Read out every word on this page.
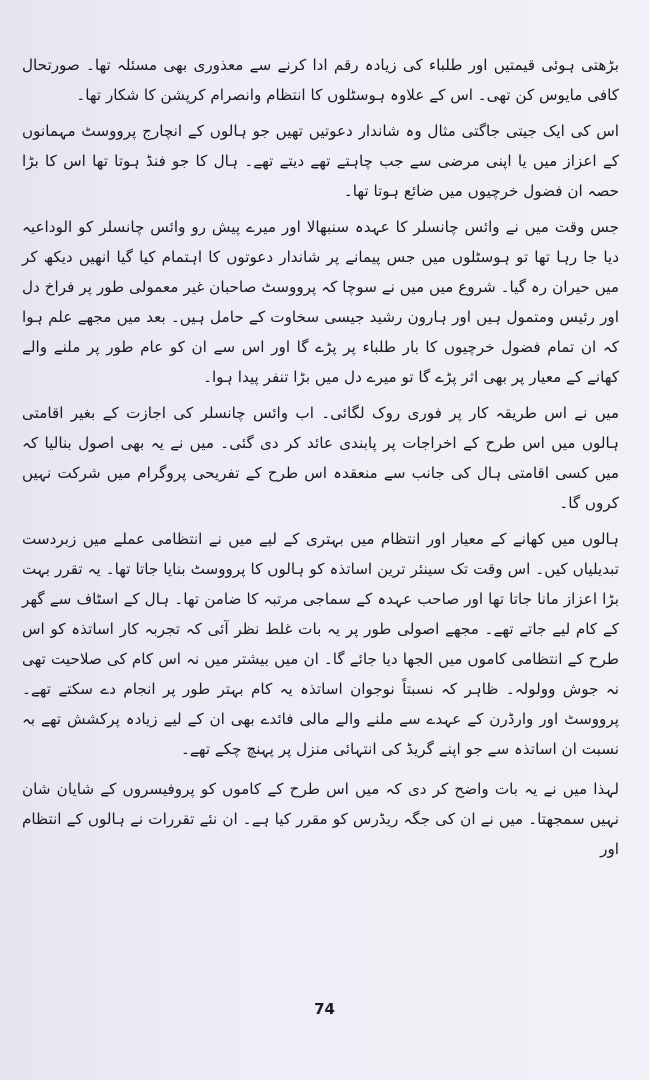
بڑھتی ہوئی قیمتیں اور طلباء کی زیادہ رقم ادا کرنے سے معذوری بھی مسئلہ تھا۔ صورتحال کافی مایوس کن تھی۔ اس کے علاوہ ہوسٹلوں کا انتظام وانصرام کرپشن کا شکار تھا۔

اس کی ایک جیتی جاگتی مثال وہ شاندار دعوتیں تھیں جو ہالوں کے انچارج پرووسٹ مہمانوں کے اعزاز میں یا اپنی مرضی سے جب چاہتے تھے دیتے تھے۔ ہال کا جو فنڈ ہوتا تھا اس کا بڑا حصہ ان فضول خرچیوں میں ضائع ہوتا تھا۔

جس وقت میں نے وائس چانسلر کا عہدہ سنبھالا اور میرے پیش رو وائس چانسلر کو الوداعیہ دیا جا رہا تھا تو ہوسٹلوں میں جس پیمانے پر شاندار دعوتوں کا اہتمام کیا گیا انھیں دیکھ کر میں حیران رہ گیا۔ شروع میں میں نے سوچا کہ پرووسٹ صاحبان غیر معمولی طور پر فراخ دل اور رئیس ومتمول ہیں اور ہارون رشید جیسی سخاوت کے حامل ہیں۔ بعد میں مجھے علم ہوا کہ ان تمام فضول خرچیوں کا بار طلباء پر پڑے گا اور اس سے ان کو عام طور پر ملنے والے کھانے کے معیار پر بھی اثر پڑے گا تو میرے دل میں بڑا تنفر پیدا ہوا۔

میں نے اس طریقہ کار پر فوری روک لگائی۔ اب وائس چانسلر کی اجازت کے بغیر اقامتی ہالوں میں اس طرح کے اخراجات پر پابندی عائد کر دی گئی۔ میں نے یہ بھی اصول بنالیا کہ میں کسی اقامتی ہال کی جانب سے منعقدہ اس طرح کے تفریحی پروگرام میں شرکت نہیں کروں گا۔

ہالوں میں کھانے کے معیار اور انتظام میں بہتری کے لیے میں نے انتظامی عملے میں زبردست تبدیلیاں کیں۔ اس وقت تک سینئر ترین اساتذہ کو ہالوں کا پرووسٹ بنایا جاتا تھا۔ یہ تقرر بہت بڑا اعزاز مانا جاتا تھا اور صاحب عہدہ کے سماجی مرتبہ کا ضامن تھا۔ ہال کے اسٹاف سے گھر کے کام لیے جاتے تھے۔ مجھے اصولی طور پر یہ بات غلط نظر آئی کہ تجربہ کار اساتذہ کو اس طرح کے انتظامی کاموں میں الجھا دیا جائے گا۔ ان میں بیشتر میں نہ اس کام کی صلاحیت تھی نہ جوش وولولہ۔ ظاہر کہ نسبتاً نوجوان اساتذہ یہ کام بہتر طور پر انجام دے سکتے تھے۔ پرووسٹ اور وارڈرن کے عہدے سے ملنے والے مالی فائدے بھی ان کے لیے زیادہ پرکشش تھے بہ نسبت ان اساتذہ سے جو اپنے گریڈ کی انتہائی منزل پر پہنچ چکے تھے۔

لہذا میں نے یہ بات واضح کر دی کہ میں اس طرح کے کاموں کو پروفیسروں کے شایان شان نہیں سمجھتا۔ میں نے ان کی جگہ ریڈرس کو مقرر کیا ہے۔ ان نئے تقررات نے ہالوں کے انتظام اور

74
